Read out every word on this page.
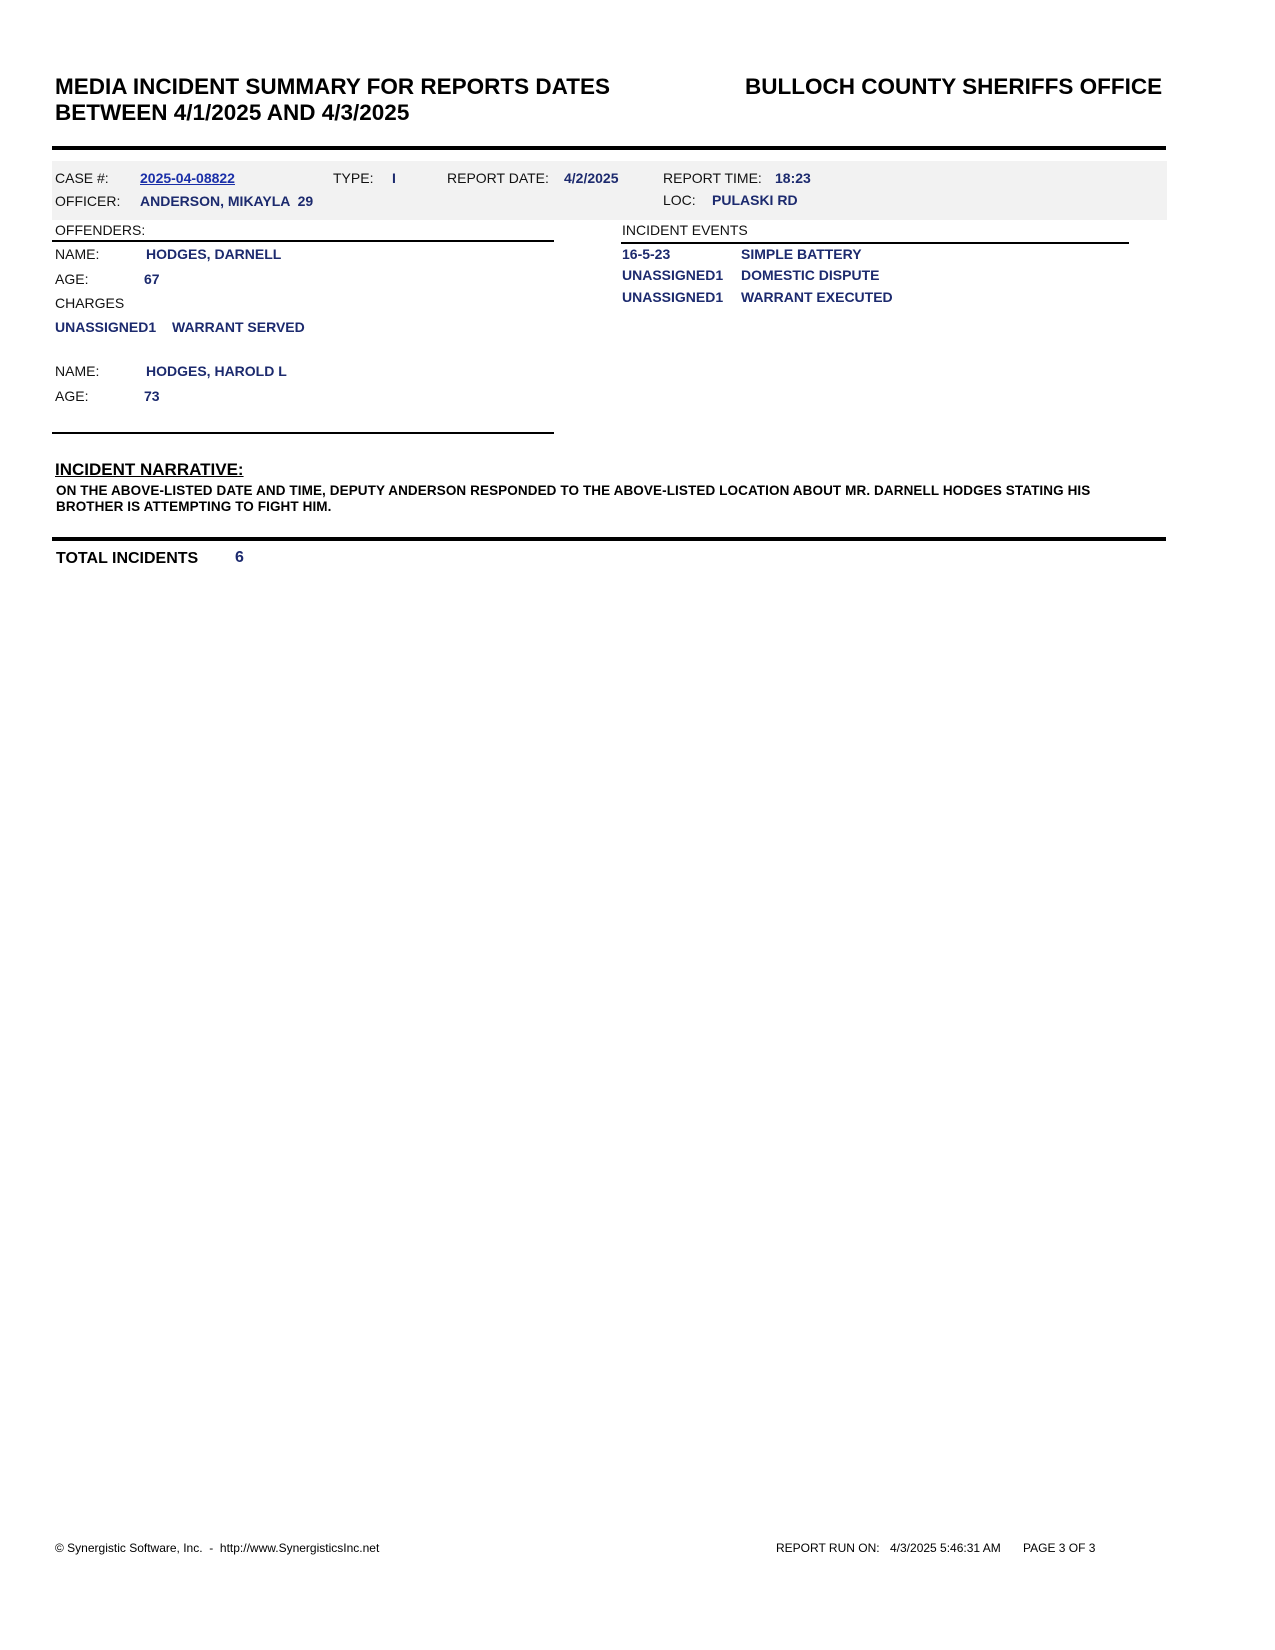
MEDIA INCIDENT SUMMARY FOR REPORTS DATES
BETWEEN 4/1/2025 AND 4/3/2025
BULLOCH COUNTY SHERIFFS OFFICE
CASE #: 2025-04-08822	TYPE: I	REPORT DATE: 4/2/2025	REPORT TIME: 18:23
OFFICER: ANDERSON, MIKAYLA  29	LOC: PULASKI RD
OFFENDERS:
NAME:	HODGES, DARNELL
AGE:	67
CHARGES
UNASSIGNED1 WARRANT SERVED
NAME:	HODGES, HAROLD L
AGE:	73
INCIDENT EVENTS
16-5-23	SIMPLE BATTERY
UNASSIGNED1 DOMESTIC DISPUTE
UNASSIGNED1 WARRANT EXECUTED
INCIDENT NARRATIVE:
ON THE ABOVE-LISTED DATE AND TIME, DEPUTY ANDERSON RESPONDED TO THE ABOVE-LISTED LOCATION ABOUT MR. DARNELL HODGES STATING HIS BROTHER IS ATTEMPTING TO FIGHT HIM.
TOTAL INCIDENTS 6
© Synergistic Software, Inc.  -  http://www.SynergisticsInc.net	REPORT RUN ON: 4/3/2025 5:46:31 AM PAGE 3 OF 3
